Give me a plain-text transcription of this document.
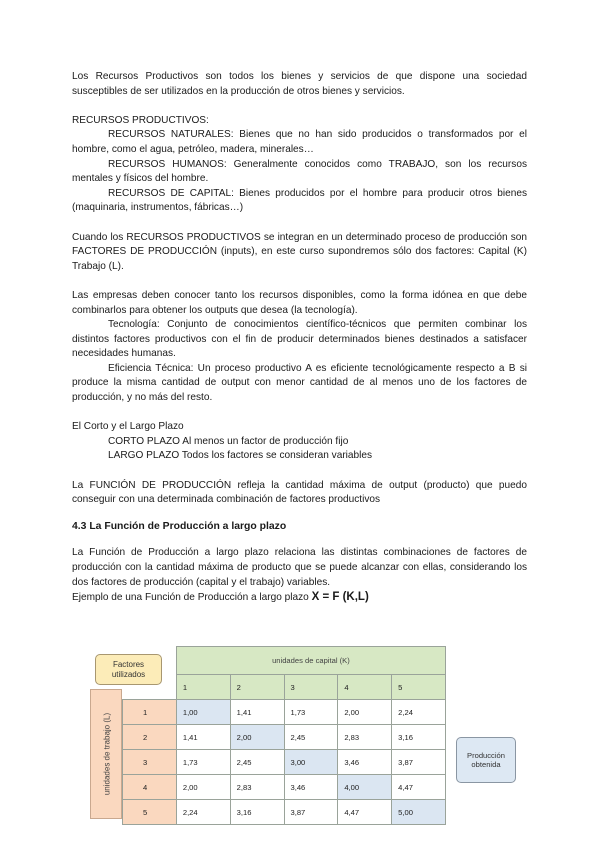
Los Recursos Productivos son todos los bienes y servicios de que dispone una sociedad susceptibles de ser utilizados en la producción de otros bienes y servicios.

RECURSOS PRODUCTIVOS:

RECURSOS NATURALES: Bienes que no han sido producidos o transformados por el hombre, como el agua, petróleo, madera, minerales…

RECURSOS HUMANOS: Generalmente conocidos como TRABAJO, son los recursos mentales y físicos del hombre.

RECURSOS DE CAPITAL: Bienes producidos por el hombre para producir otros bienes (maquinaria, instrumentos, fábricas…)

Cuando los RECURSOS PRODUCTIVOS se integran en un determinado proceso de producción son FACTORES DE PRODUCCIÓN (inputs), en este curso supondremos sólo dos factores: Capital (K) Trabajo (L).

Las empresas deben conocer tanto los recursos disponibles, como la forma idónea en que debe combinarlos para obtener los outputs que desea (la tecnología).

Tecnología: Conjunto de conocimientos científico-técnicos que permiten combinar los distintos factores productivos con el fin de producir determinados bienes destinados a satisfacer necesidades humanas.

Eficiencia Técnica: Un proceso productivo A es eficiente tecnológicamente respecto a B si produce la misma cantidad de output con menor cantidad de al menos uno de los factores de producción, y no más del resto.

El Corto y el Largo Plazo

CORTO PLAZO Al menos un factor de producción fijo

LARGO PLAZO Todos los factores se consideran variables

La FUNCIÓN DE PRODUCCIÓN refleja la cantidad máxima de output (producto) que puedo conseguir con una determinada combinación de factores productivos

4.3 La Función de Producción a largo plazo

La Función de Producción a largo plazo relaciona las distintas combinaciones de factores de producción con la cantidad máxima de producto que se puede alcanzar con ellas, considerando los dos factores de producción (capital y el trabajo) variables.

Ejemplo de una Función de Producción a largo plazo X = F (K,L)

Factores utilizados
unidades de trabajo (L)
	unidades de capital (K)				
	1	2	3	4	5
1	1,00	1,41	1,73	2,00	2,24
2	1,41	2,00	2,45	2,83	3,16
3	1,73	2,45	3,00	3,46	3,87
4	2,00	2,83	3,46	4,00	4,47
5	2,24	3,16	3,87	4,47	5,00
Producción obtenida
